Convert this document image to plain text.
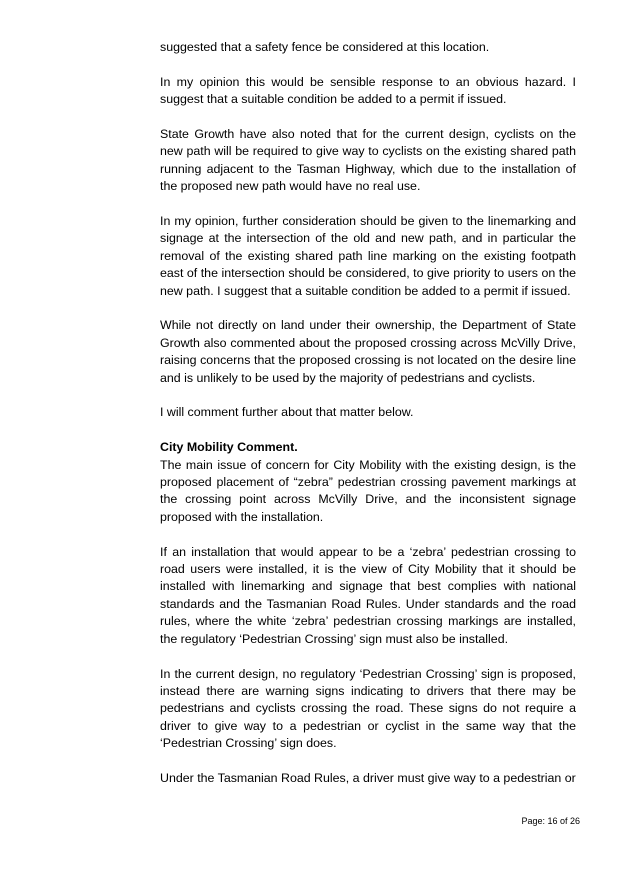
suggested that a safety fence be considered at this location.

In my opinion this would be sensible response to an obvious hazard. I suggest that a suitable condition be added to a permit if issued.

State Growth have also noted that for the current design, cyclists on the new path will be required to give way to cyclists on the existing shared path running adjacent to the Tasman Highway, which due to the installation of the proposed new path would have no real use.

In my opinion, further consideration should be given to the linemarking and signage at the intersection of the old and new path, and in particular the removal of the existing shared path line marking on the existing footpath east of the intersection should be considered, to give priority to users on the new path. I suggest that a suitable condition be added to a permit if issued.

While not directly on land under their ownership, the Department of State Growth also commented about the proposed crossing across McVilly Drive, raising concerns that the proposed crossing is not located on the desire line and is unlikely to be used by the majority of pedestrians and cyclists.

I will comment further about that matter below.

City Mobility Comment.

The main issue of concern for City Mobility with the existing design, is the proposed placement of “zebra” pedestrian crossing pavement markings at the crossing point across McVilly Drive, and the inconsistent signage proposed with the installation.

If an installation that would appear to be a ‘zebra’ pedestrian crossing to road users were installed, it is the view of City Mobility that it should be installed with linemarking and signage that best complies with national standards and the Tasmanian Road Rules. Under standards and the road rules, where the white ‘zebra’ pedestrian crossing markings are installed, the regulatory ‘Pedestrian Crossing’ sign must also be installed.

In the current design, no regulatory ‘Pedestrian Crossing’ sign is proposed, instead there are warning signs indicating to drivers that there may be pedestrians and cyclists crossing the road. These signs do not require a driver to give way to a pedestrian or cyclist in the same way that the ‘Pedestrian Crossing’ sign does.

Under the Tasmanian Road Rules, a driver must give way to a pedestrian or

Page: 16 of 26
